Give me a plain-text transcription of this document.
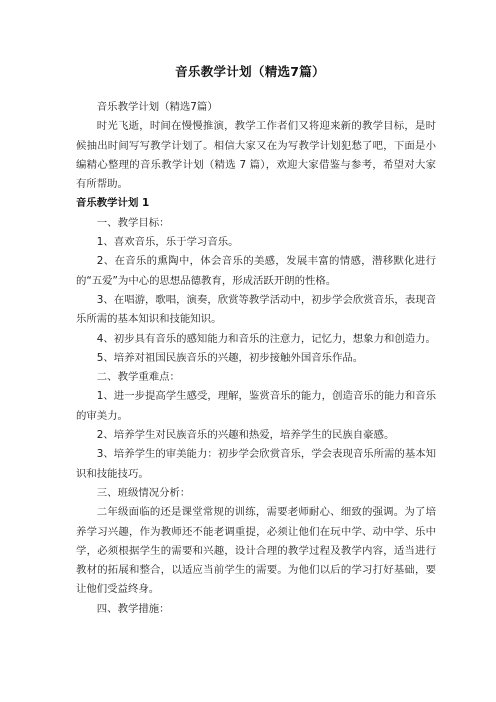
音乐教学计划（精选7篇）

音乐教学计划（精选7篇）

时光飞逝，时间在慢慢推演，教学工作者们又将迎来新的教学目标，是时候抽出时间写写教学计划了。相信大家又在为写教学计划犯愁了吧，下面是小编精心整理的音乐教学计划（精选 7 篇），欢迎大家借鉴与参考，希望对大家有所帮助。

音乐教学计划 1

一、教学目标：

1、喜欢音乐，乐于学习音乐。

2、在音乐的熏陶中，体会音乐的美感，发展丰富的情感，潜移默化进行的“五爱”为中心的思想品德教育，形成活跃开朗的性格。

3、在唱游，歌唱，演奏，欣赏等教学活动中，初步学会欣赏音乐，表现音乐所需的基本知识和技能知识。

4、初步具有音乐的感知能力和音乐的注意力，记忆力，想象力和创造力。

5、培养对祖国民族音乐的兴趣，初步接触外国音乐作品。

二、教学重难点：

1、进一步提高学生感受，理解，鉴赏音乐的能力，创造音乐的能力和音乐的审美力。

2、培养学生对民族音乐的兴趣和热爱，培养学生的民族自豪感。

3、培养学生的审美能力：初步学会欣赏音乐，学会表现音乐所需的基本知识和技能技巧。

三、班级情况分析：

二年级面临的还是课堂常规的训练，需要老师耐心、细致的强调。为了培养学习兴趣，作为教师还不能老调重提，必须让他们在玩中学、动中学、乐中学，必须根据学生的需要和兴趣，设计合理的教学过程及教学内容，适当进行教材的拓展和整合，以适应当前学生的需要。为他们以后的学习打好基础，要让他们受益终身。

四、教学措施：
